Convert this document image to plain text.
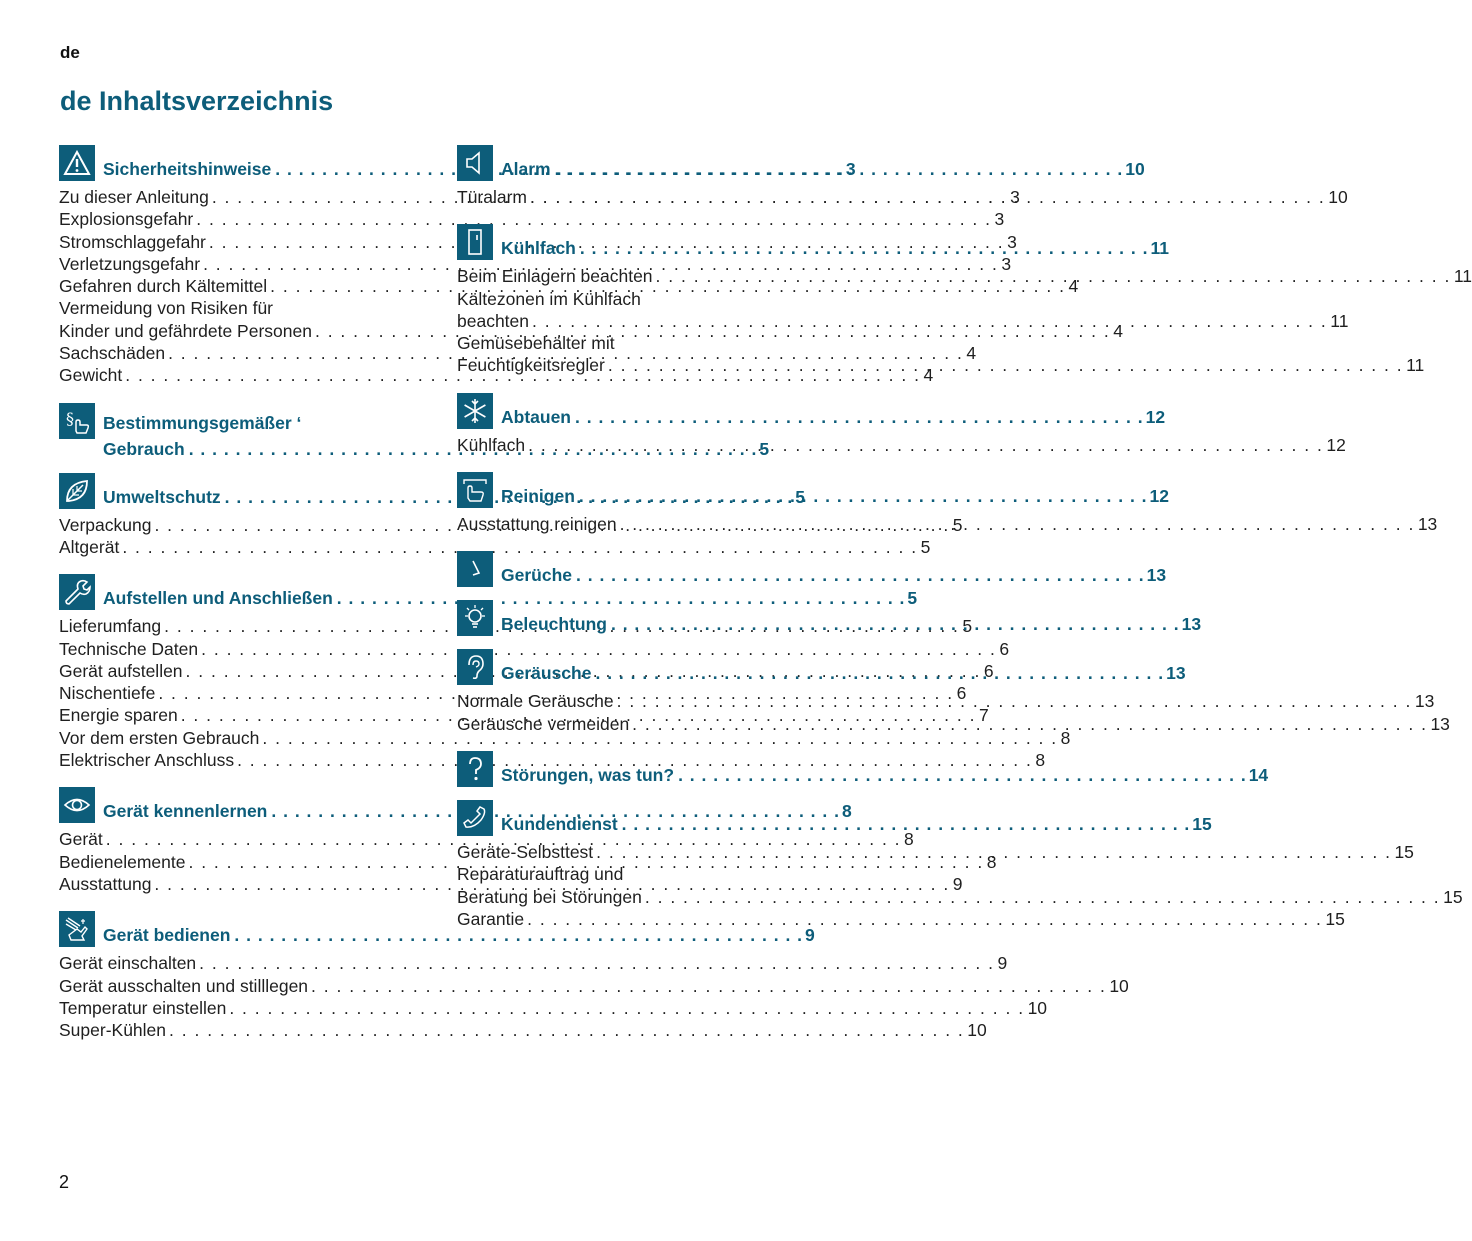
de
de Inhaltsverzeichnis
Sicherheitshinweise . . .	3
Zu dieser Anleitung . . .	3
Explosionsgefahr . . .	3
Stromschlaggefahr . . .	3
Verletzungsgefahr . . .	3
Gefahren durch Kältemittel . . .	4
Vermeidung von Risiken für
Kinder und gefährdete Personen . . .	4
Sachschäden . . .	4
Gewicht . . .	4
§ Bestimmungsgemäßer ‘
Gebrauch . . .	5
Umweltschutz . . .	5
Verpackung . . .	5
Altgerät . . .	5
Aufstellen und Anschließen . . .	5
Lieferumfang . . .	5
Technische Daten . . .	6
Gerät aufstellen . . .	6
Nischentiefe . . .	6
Energie sparen . . .	7
Vor dem ersten Gebrauch . . .	8
Elektrischer Anschluss . . .	8
Gerät kennenlernen . . .	8
Gerät . . .	8
Bedienelemente . . .	8
Ausstattung . . .	9
Gerät bedienen . . .	9
Gerät einschalten . . .	9
Gerät ausschalten und stilllegen . . .	10
Temperatur einstellen . . .	10
Super-Kühlen . . .	10
Alarm . . .	10
Türalarm . . .	10
Kühlfach . . .	11
Beim Einlagern beachten . . .	11
Kältezonen im Kühlfach
beachten . . .	11
Gemüsebehälter mit
Feuchtigkeitsregler . . .	11
Abtauen . . .	12
Kühlfach . . .	12
Reinigen . . .	12
Ausstattung reinigen . . .	13
Gerüche . . .	13
Beleuchtung . . .	13
Geräusche . . .	13
Normale Geräusche . . .	13
Geräusche vermeiden . . .	13
Störungen, was tun? . . .	14
Kundendienst . . .	15
Geräte-Selbsttest . . .	15
Reparaturauftrag und
Beratung bei Störungen . . .	15
Garantie . . .	15
2
